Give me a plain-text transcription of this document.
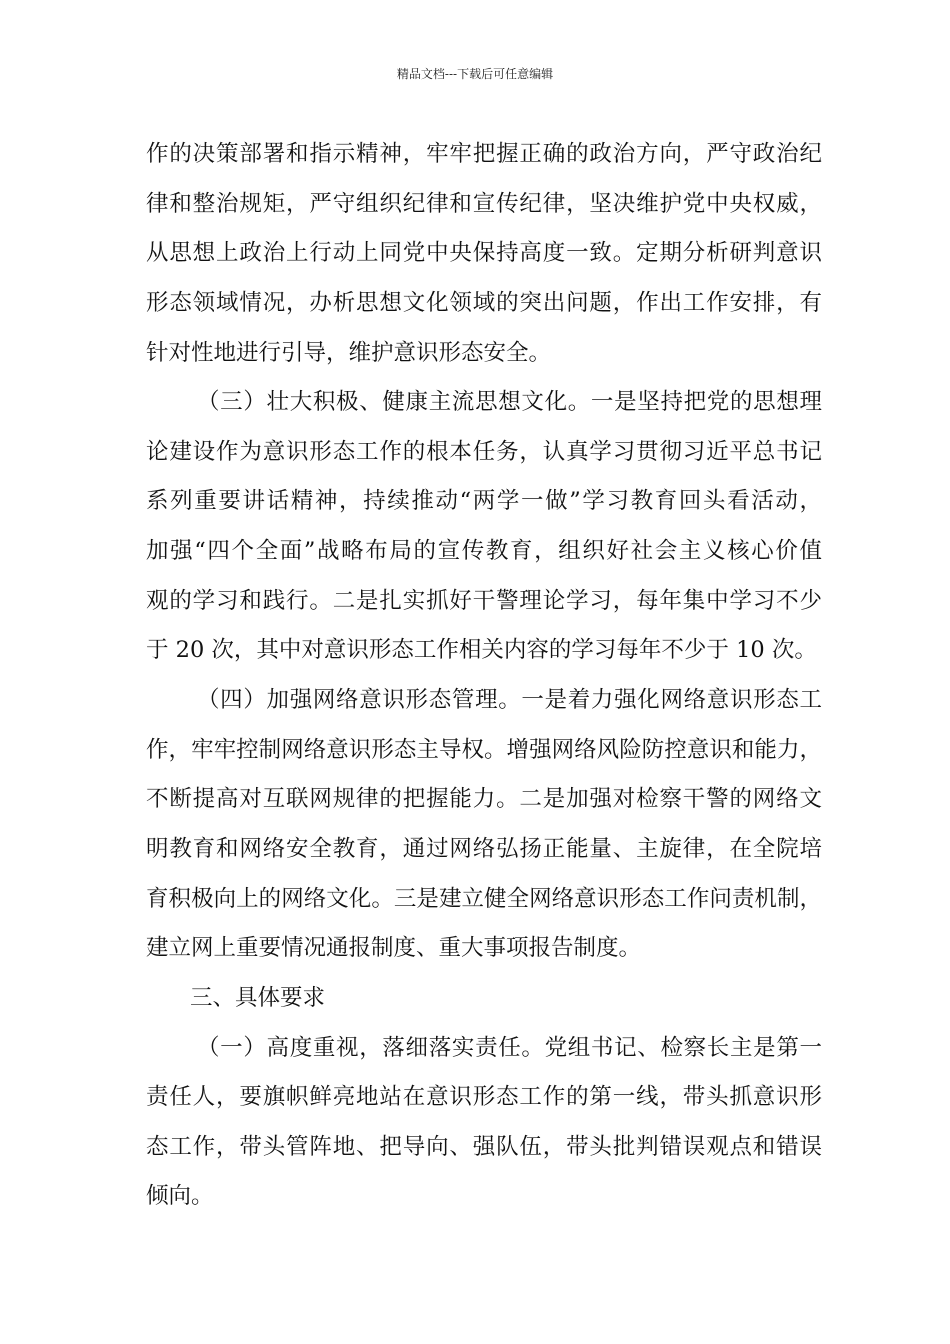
精品文档---下载后可任意编辑
作的决策部署和指示精神，牢牢把握正确的政治方向，严守政治纪
律和整治规矩，严守组织纪律和宣传纪律，坚决维护党中央权威，
从思想上政治上行动上同党中央保持高度一致。定期分析研判意识
形态领域情况，办析思想文化领域的突出问题，作出工作安排，有
针对性地进行引导，维护意识形态安全。
（三）壮大积极、健康主流思想文化。一是坚持把党的思想理
论建设作为意识形态工作的根本任务，认真学习贯彻习近平总书记
系列重要讲话精神，持续推动“两学一做”学习教育回头看活动，
加强“四个全面”战略布局的宣传教育，组织好社会主义核心价值
观的学习和践行。二是扎实抓好干警理论学习，每年集中学习不少
于 20 次，其中对意识形态工作相关内容的学习每年不少于 10 次。
（四）加强网络意识形态管理。一是着力强化网络意识形态工
作，牢牢控制网络意识形态主导权。增强网络风险防控意识和能力，
不断提高对互联网规律的把握能力。二是加强对检察干警的网络文
明教育和网络安全教育，通过网络弘扬正能量、主旋律，在全院培
育积极向上的网络文化。三是建立健全网络意识形态工作问责机制，
建立网上重要情况通报制度、重大事项报告制度。
三、具体要求
（一）高度重视，落细落实责任。党组书记、检察长主是第一
责任人，要旗帜鲜亮地站在意识形态工作的第一线，带头抓意识形
态工作，带头管阵地、把导向、强队伍，带头批判错误观点和错误
倾向。
